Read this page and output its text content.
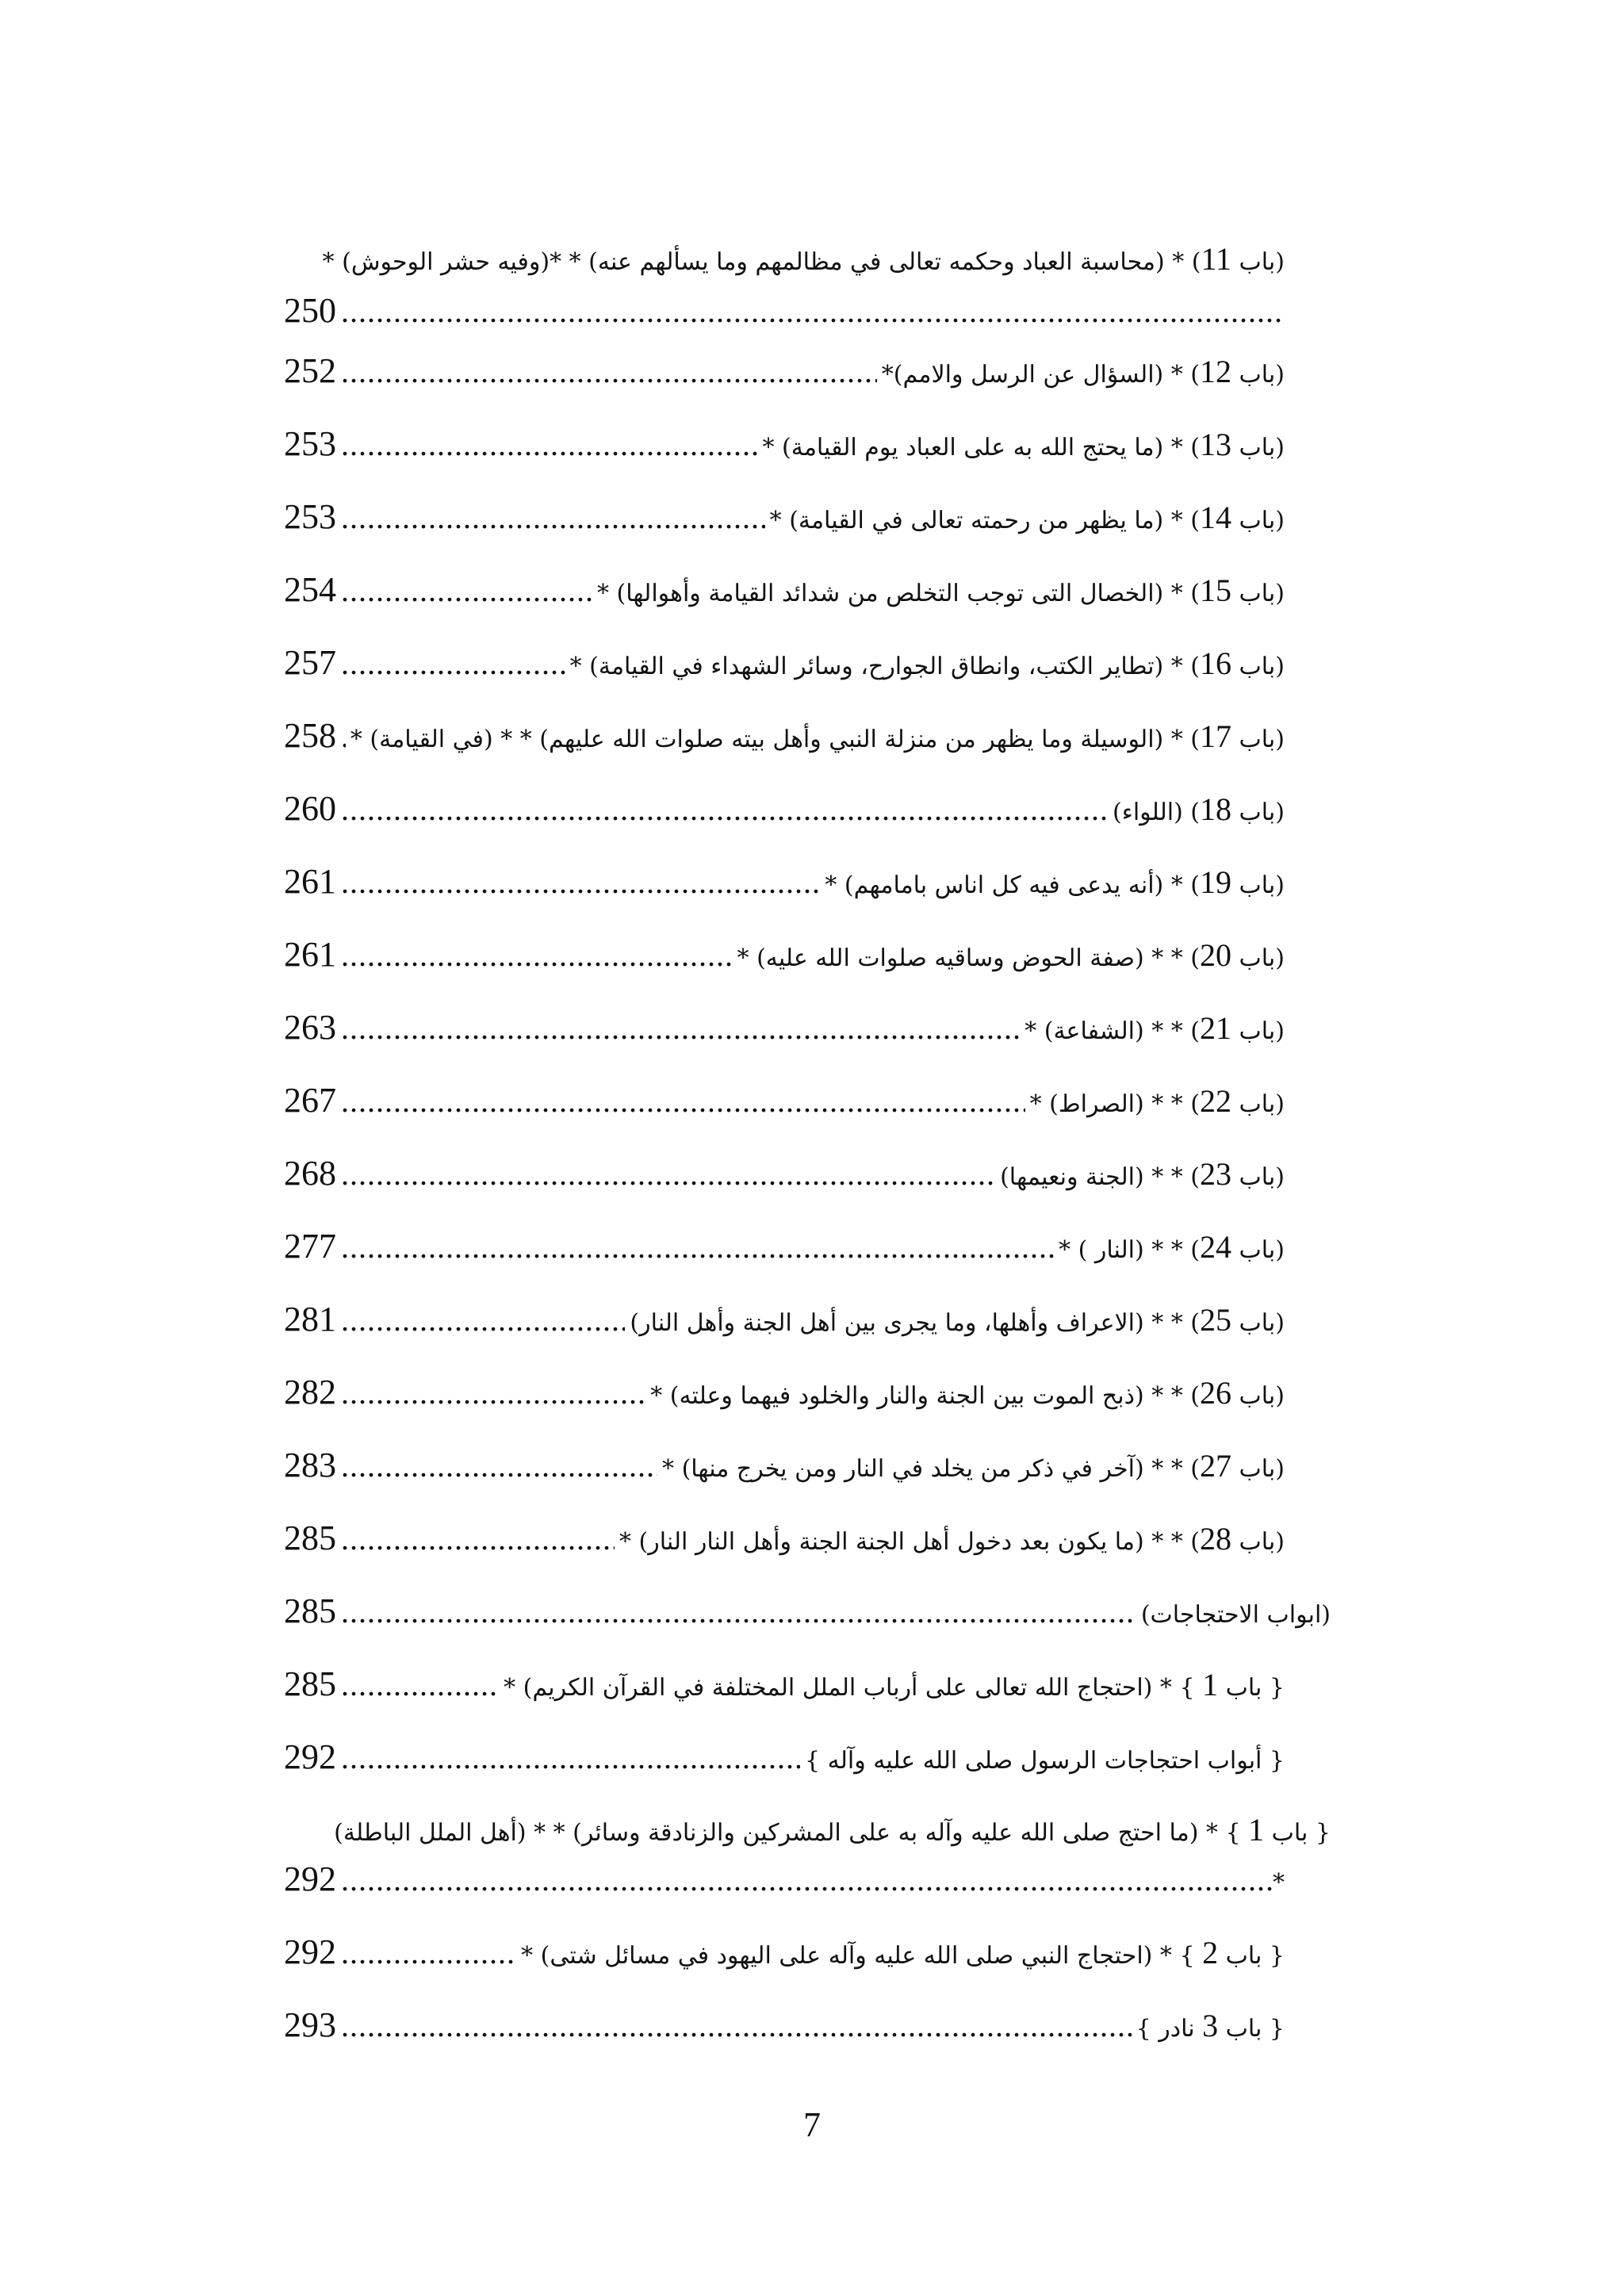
(باب 11) * (محاسبة العباد وحكمه تعالى في مظالمهم وما يسألهم عنه) * *(وفيه حشر الوحوش) *
250
.....
(باب 12) * (السؤال عن الرسل والامم)*
.....
252
(باب 13) * (ما يحتج الله به على العباد يوم القيامة) *
.....
253
(باب 14) * (ما يظهر من رحمته تعالى في القيامة) *
.....
253
(باب 15) * (الخصال التى توجب التخلص من شدائد القيامة وأهوالها) *
.....
254
(باب 16) * (تطاير الكتب، وانطاق الجوارح، وسائر الشهداء في القيامة) *
.....
257
(باب 17) * (الوسيلة وما يظهر من منزلة النبي وأهل بيته صلوات الله عليهم) * * (في القيامة) *
.....
258
(باب 18) (اللواء)
.....
260
(باب 19) * (أنه يدعى فيه كل اناس بامامهم) *
.....
261
(باب 20) * * (صفة الحوض وساقيه صلوات الله عليه) *
.....
261
(باب 21) * * (الشفاعة) *
.....
263
(باب 22) * * (الصراط) *
.....
267
(باب 23) * * (الجنة ونعيمها)
.....
268
(باب 24) * * (النار ) *
.....
277
(باب 25) * * (الاعراف وأهلها، وما يجرى بين أهل الجنة وأهل النار)
.....
281
(باب 26) * * (ذبح الموت بين الجنة والنار والخلود فيهما وعلته) *
.....
282
(باب 27) * * (آخر في ذكر من يخلد في النار ومن يخرج منها) *
.....
283
(باب 28) * * (ما يكون بعد دخول أهل الجنة الجنة وأهل النار النار) *
.....
285
(ابواب الاحتجاجات)
.....
285
{ باب 1 } * (احتجاج الله تعالى على أرباب الملل المختلفة في القرآن الكريم) *
.....
285
{ أبواب احتجاجات الرسول صلى الله عليه وآله }
.....
292
{ باب 1 } * (ما احتج صلى الله عليه وآله به على المشركين والزنادقة وسائر) * * (أهل الملل الباطلة)
292
.....	*
{ باب 2 } * (احتجاج النبي صلى الله عليه وآله على اليهود في مسائل شتى) *
.....
292
{ باب 3 نادر }
.....
293
7
